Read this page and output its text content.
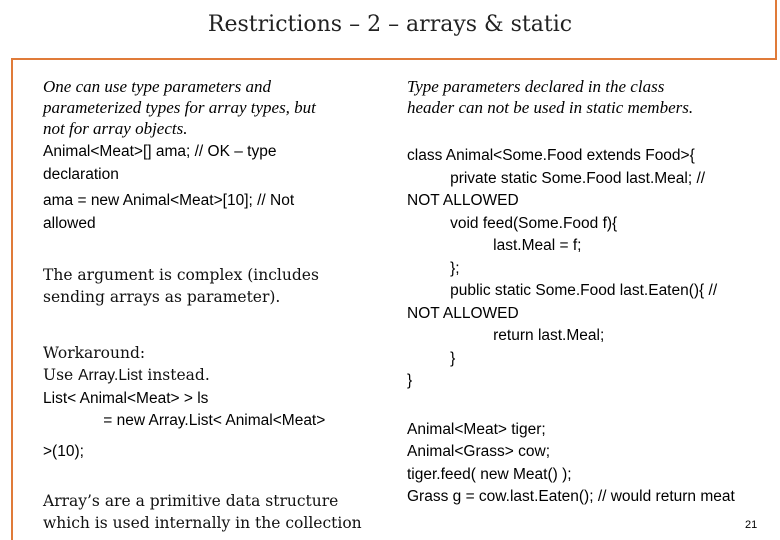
Restrictions – 2 – arrays & static
One can use type parameters and
parameterized types for array types, but
not for array objects.
Animal<Meat>[] ama; // OK – type
declaration
ama = new Animal<Meat>[10]; // Not
allowed
The argument is complex (includes
sending arrays as parameter).
Workaround:
Use Array.List instead.
List< Animal<Meat> > ls
= new Array.List< Animal<Meat>
>(10);
Array’s are a primitive data structure
which is used internally in the collection
Type parameters declared in the class
header can not be used in static members.
class Animal<Some.Food extends Food>{
private static Some.Food last.Meal; //
NOT ALLOWED
void feed(Some.Food f){
last.Meal = f;
};
public static Some.Food last.Eaten(){ //
NOT ALLOWED
return last.Meal;
}
}
Animal<Meat> tiger;
Animal<Grass> cow;
tiger.feed( new Meat() );
Grass g = cow.last.Eaten(); // would return meat
21
